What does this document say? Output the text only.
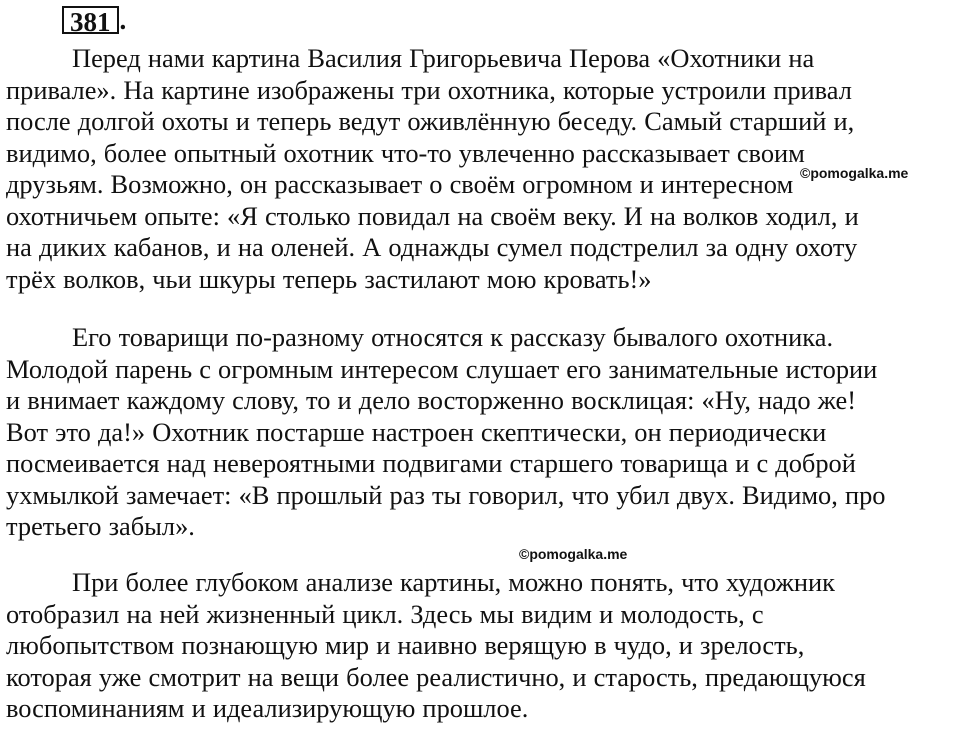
381 .
Перед нами картина Василия Григорьевича Перова «Охотники на
привале». На картине изображены три охотника, которые устроили привал
после долгой охоты и теперь ведут оживлённую беседу. Самый старший и,
видимо, более опытный охотник что-то увлеченно рассказывает своим
друзьям. Возможно, он рассказывает о своём огромном и интересном
охотничьем опыте: «Я столько повидал на своём веку. И на волков ходил, и
на диких кабанов, и на оленей. А однажды сумел подстрелил за одну охоту
трёх волков, чьи шкуры теперь застилают мою кровать!»
Его товарищи по-разному относятся к рассказу бывалого охотника.
Молодой парень с огромным интересом слушает его занимательные истории
и внимает каждому слову, то и дело восторженно восклицая: «Ну, надо же!
Вот это да!» Охотник постарше настроен скептически, он периодически
посмеивается над невероятными подвигами старшего товарища и с доброй
ухмылкой замечает: «В прошлый раз ты говорил, что убил двух. Видимо, про
третьего забыл».
При более глубоком анализе картины, можно понять, что художник
отобразил на ней жизненный цикл. Здесь мы видим и молодость, с
любопытством познающую мир и наивно верящую в чудо, и зрелость,
которая уже смотрит на вещи более реалистично, и старость, предающуюся
воспоминаниям и идеализирующую прошлое.
©pomogalka.me
©pomogalka.me
